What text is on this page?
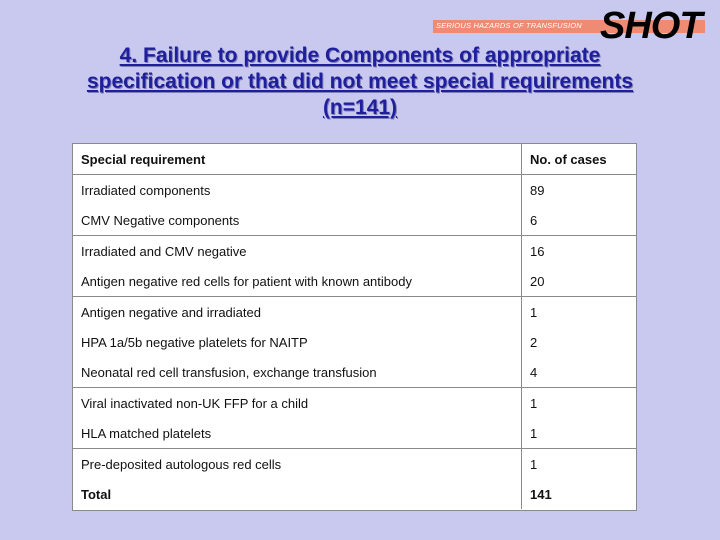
SERIOUS HAZARDS OF TRANSFUSION SHOT
4. Failure to provide Components of appropriate
specification or that did not meet special requirements
(n=141)
Special requirement	No. of cases
Irradiated components	89
CMV Negative components	6
Irradiated and CMV negative	16
Antigen negative red cells for patient with known antibody	20
Antigen negative and irradiated	1
HPA 1a/5b negative platelets for NAITP	2
Neonatal red cell transfusion, exchange transfusion	4
Viral inactivated non-UK FFP for a child	1
HLA matched platelets	1
Pre-deposited autologous red cells	1
Total	141
